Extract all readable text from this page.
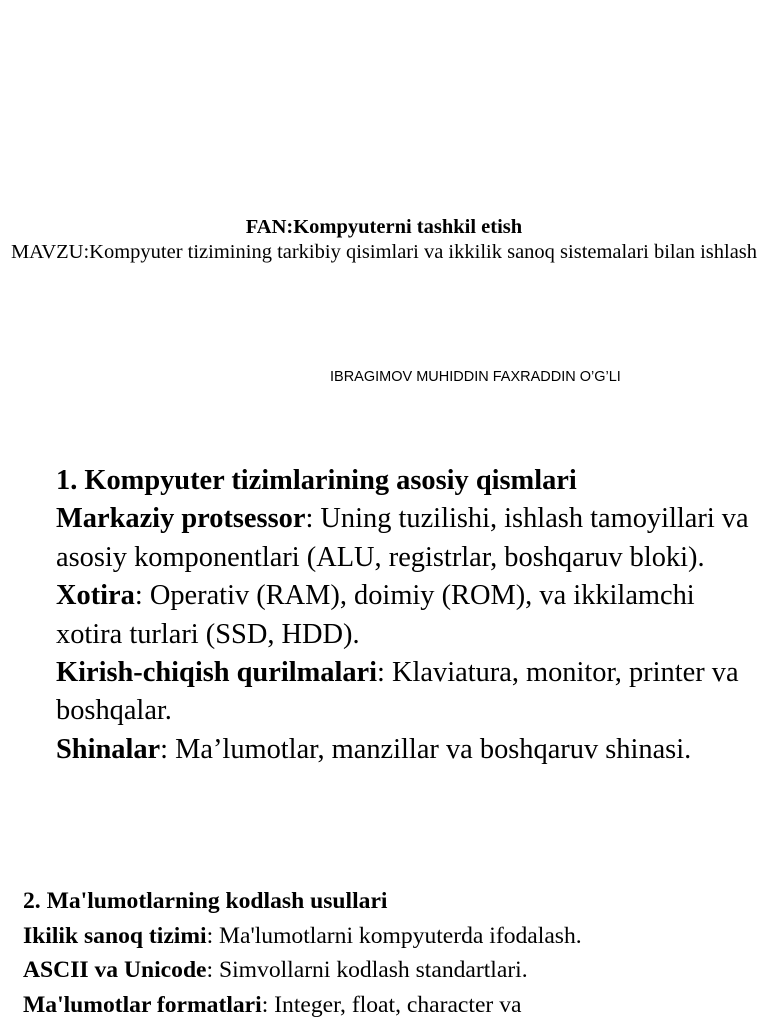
FAN:Kompyuterni tashkil etish
MAVZU:Kompyuter tizimining tarkibiy qisimlari va ikkilik sanoq sistemalari bilan ishlash
IBRAGIMOV MUHIDDIN FAXRADDIN O’G’LI
1. Kompyuter tizimlarining asosiy qismlari

Markaziy protsessor: Uning tuzilishi, ishlash tamoyillari va asosiy komponentlari (ALU, registrlar, boshqaruv bloki).

Xotira: Operativ (RAM), doimiy (ROM), va ikkilamchi xotira turlari (SSD, HDD).

Kirish-chiqish qurilmalari: Klaviatura, monitor, printer va boshqalar.

Shinalar: Ma’lumotlar, manzillar va boshqaruv shinasi.

2. Ma'lumotlarning kodlash usullari

Ikilik sanoq tizimi: Ma'lumotlarni kompyuterda ifodalash.

ASCII va Unicode: Simvollarni kodlash standartlari.

Ma'lumotlar formatlari: Integer, float, character va
